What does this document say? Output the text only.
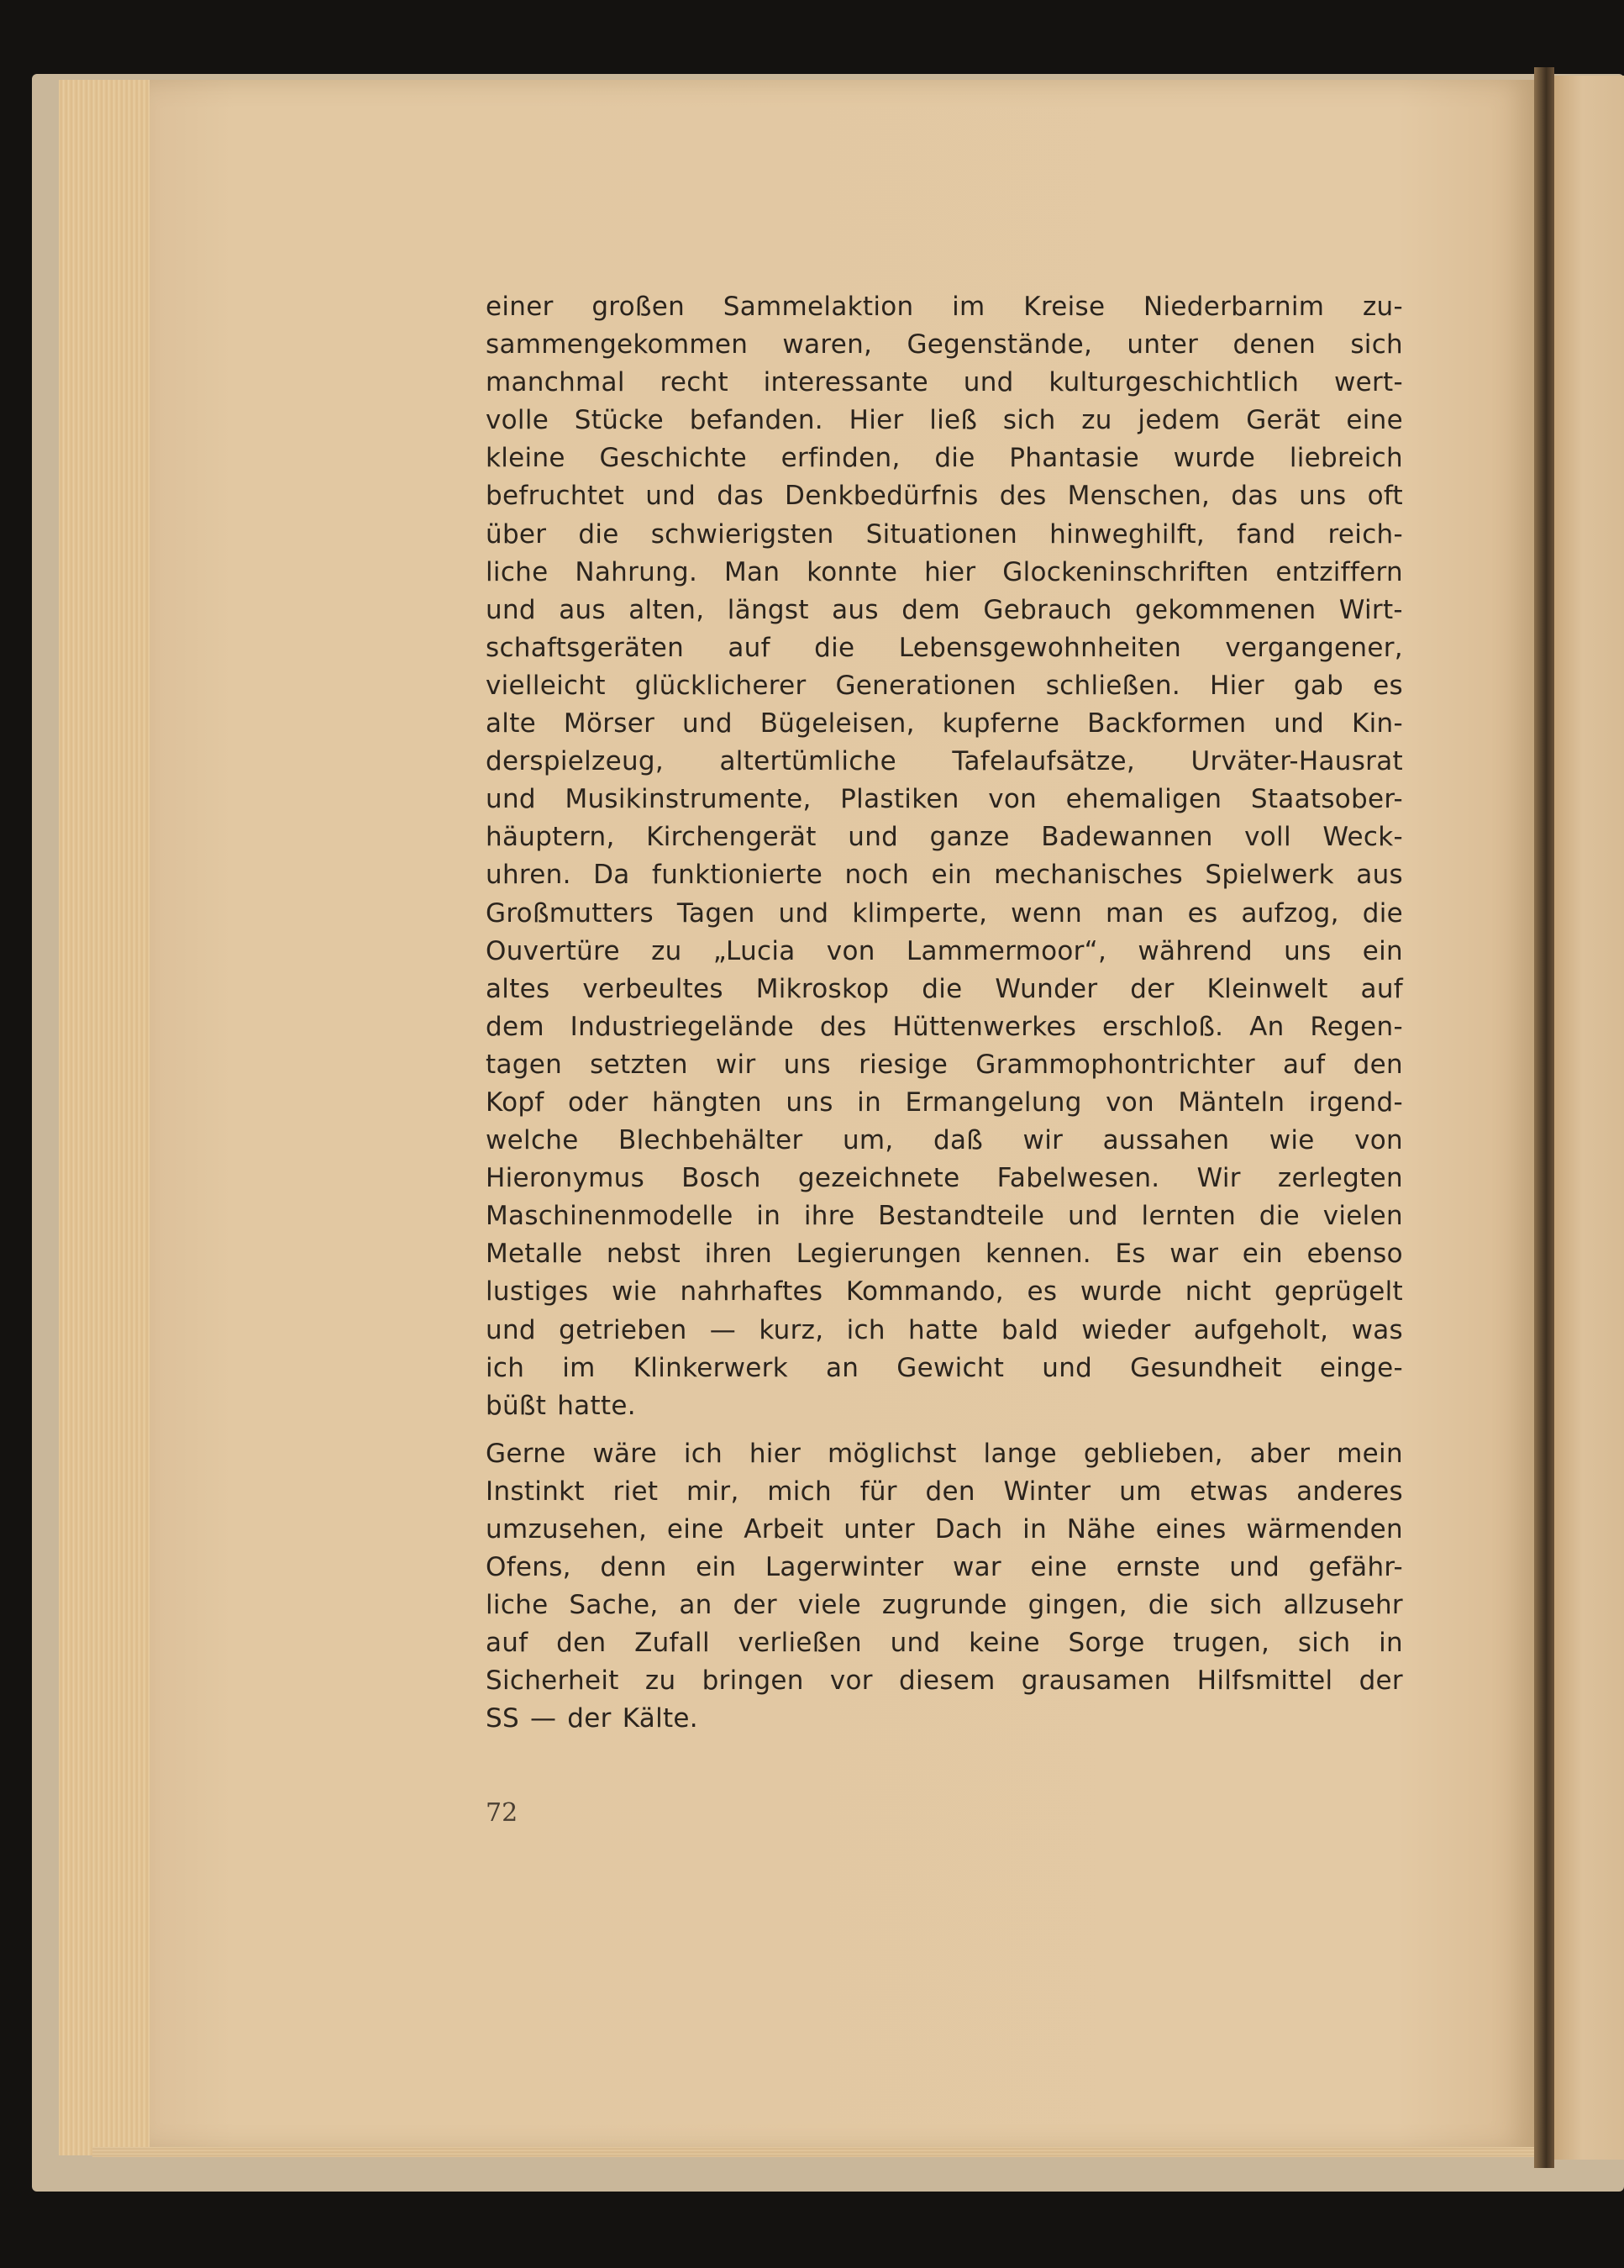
einer großen Sammelaktion im Kreise Niederbarnim zu-
sammengekommen waren, Gegenstände, unter denen sich
manchmal recht interessante und kulturgeschichtlich wert-
volle Stücke befanden. Hier ließ sich zu jedem Gerät eine
kleine Geschichte erfinden, die Phantasie wurde liebreich
befruchtet und das Denkbedürfnis des Menschen, das uns oft
über die schwierigsten Situationen hinweghilft, fand reich-
liche Nahrung. Man konnte hier Glockeninschriften entziffern
und aus alten, längst aus dem Gebrauch gekommenen Wirt-
schaftsgeräten auf die Lebensgewohnheiten vergangener,
vielleicht glücklicherer Generationen schließen. Hier gab es
alte Mörser und Bügeleisen, kupferne Backformen und Kin-
derspielzeug, altertümliche Tafelaufsätze, Urväter-Hausrat
und Musikinstrumente, Plastiken von ehemaligen Staatsober-
häuptern, Kirchengerät und ganze Badewannen voll Weck-
uhren. Da funktionierte noch ein mechanisches Spielwerk aus
Großmutters Tagen und klimperte, wenn man es aufzog, die
Ouvertüre zu „Lucia von Lammermoor“, während uns ein
altes verbeultes Mikroskop die Wunder der Kleinwelt auf
dem Industriegelände des Hüttenwerkes erschloß. An Regen-
tagen setzten wir uns riesige Grammophontrichter auf den
Kopf oder hängten uns in Ermangelung von Mänteln irgend-
welche Blechbehälter um, daß wir aussahen wie von
Hieronymus Bosch gezeichnete Fabelwesen. Wir zerlegten
Maschinenmodelle in ihre Bestandteile und lernten die vielen
Metalle nebst ihren Legierungen kennen. Es war ein ebenso
lustiges wie nahrhaftes Kommando, es wurde nicht geprügelt
und getrieben — kurz, ich hatte bald wieder aufgeholt, was
ich im Klinkerwerk an Gewicht und Gesundheit einge-
büßt hatte.
Gerne wäre ich hier möglichst lange geblieben, aber mein
Instinkt riet mir, mich für den Winter um etwas anderes
umzusehen, eine Arbeit unter Dach in Nähe eines wärmenden
Ofens, denn ein Lagerwinter war eine ernste und gefähr-
liche Sache, an der viele zugrunde gingen, die sich allzusehr
auf den Zufall verließen und keine Sorge trugen, sich in
Sicherheit zu bringen vor diesem grausamen Hilfsmittel der
SS — der Kälte.
72
